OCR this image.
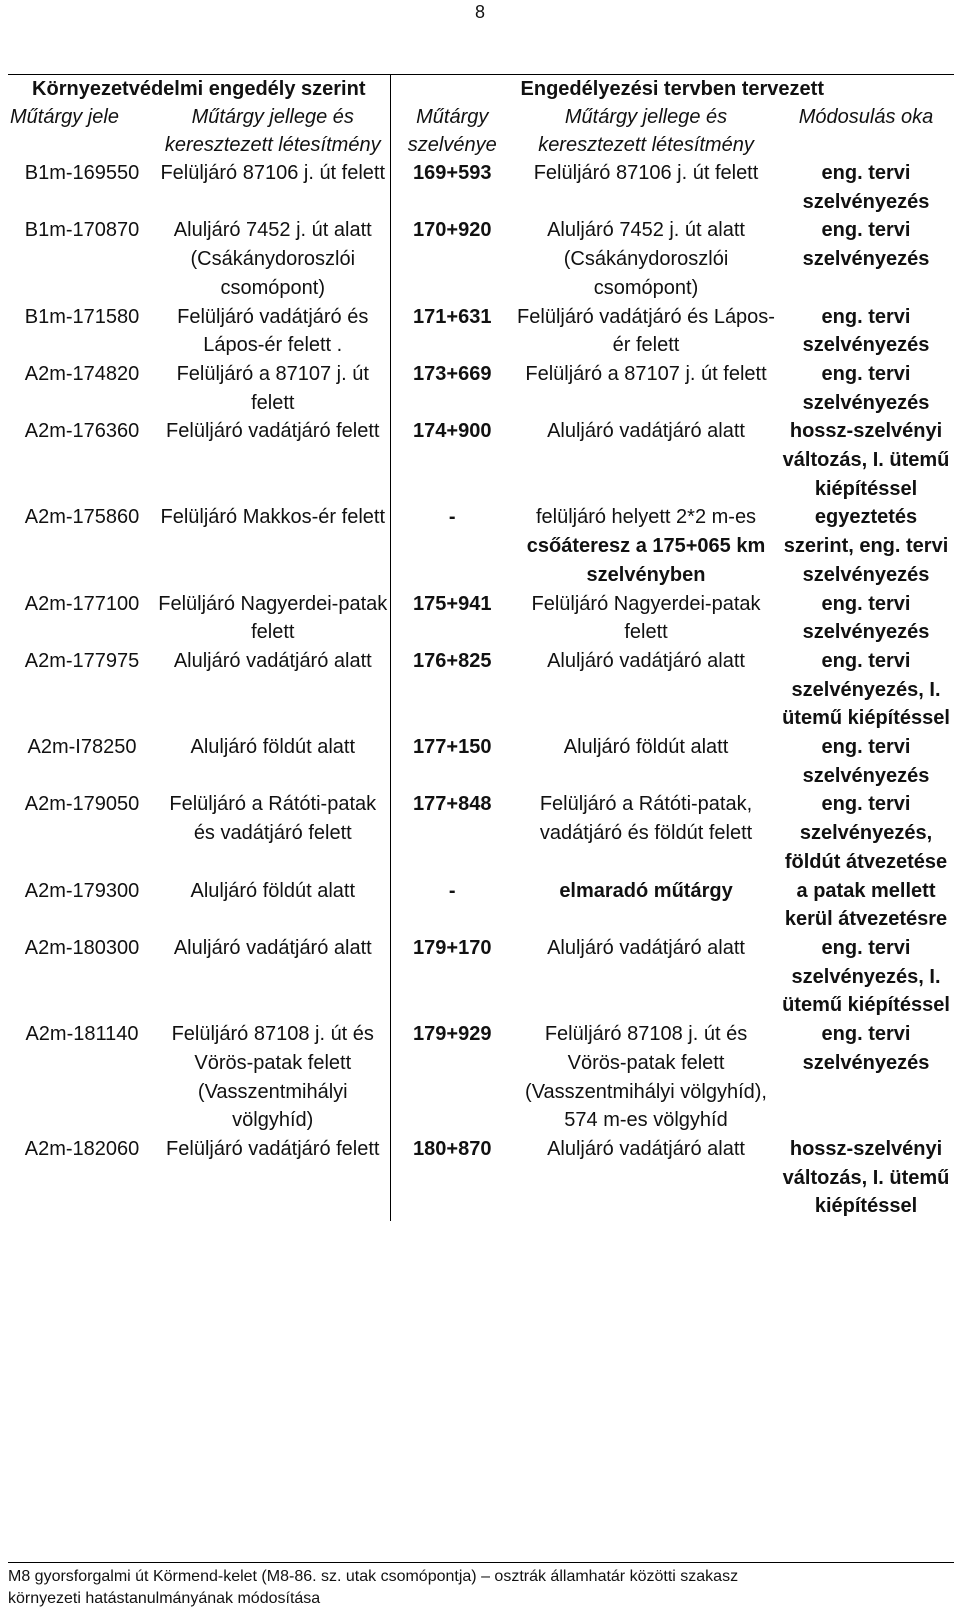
8
Környezetvédelmi engedély szerint		Engedélyezési tervben tervezett		
Műtárgy jele	Műtárgy jellege és keresztezett létesítmény	Műtárgy szelvénye	Műtárgy jellege és keresztezett létesítmény	Módosulás oka
B1m-169550	Felüljáró 87106 j. út felett	169+593	Felüljáró 87106 j. út felett	eng. tervi szelvényezés
B1m-170870	Aluljáró 7452 j. út alatt (Csákánydoroszlói csomópont)	170+920	Aluljáró 7452 j. út alatt (Csákánydoroszlói csomópont)	eng. tervi szelvényezés
B1m-171580	Felüljáró vadátjáró és Lápos-ér felett .	171+631	Felüljáró vadátjáró és Lápos-ér felett	eng. tervi szelvényezés
A2m-174820	Felüljáró a 87107 j. út felett	173+669	Felüljáró a 87107 j. út felett	eng. tervi szelvényezés
A2m-176360	Felüljáró vadátjáró felett	174+900	Aluljáró vadátjáró alatt	hossz-szelvényi változás, I. ütemű kiépítéssel
A2m-175860	Felüljáró Makkos-ér felett	-	felüljáró helyett 2*2 m-es csőáteresz a 175+065 km szelvényben	egyeztetés szerint, eng. tervi szelvényezés
A2m-177100	Felüljáró Nagyerdei-patak felett	175+941	Felüljáró Nagyerdei-patak felett	eng. tervi szelvényezés
A2m-177975	Aluljáró vadátjáró alatt	176+825	Aluljáró vadátjáró alatt	eng. tervi szelvényezés, I. ütemű kiépítéssel
A2m-I78250	Aluljáró földút alatt	177+150	Aluljáró földút alatt	eng. tervi szelvényezés
A2m-179050	Felüljáró a Rátóti-patak és vadátjáró felett	177+848	Felüljáró a Rátóti-patak, vadátjáró és földút felett	eng. tervi szelvényezés, földút átvezetése
A2m-179300	Aluljáró földút alatt	-	elmaradó műtárgy	a patak mellett kerül átvezetésre
A2m-180300	Aluljáró vadátjáró alatt	179+170	Aluljáró vadátjáró alatt	eng. tervi szelvényezés, I. ütemű kiépítéssel
A2m-181140	Felüljáró 87108 j. út és Vörös-patak felett (Vasszentmihályi völgyhíd)	179+929	Felüljáró 87108 j. út és Vörös-patak felett (Vasszentmihályi völgyhíd), 574 m-es völgyhíd	eng. tervi szelvényezés
A2m-182060	Felüljáró vadátjáró felett	180+870	Aluljáró vadátjáró alatt	hossz-szelvényi változás, I. ütemű kiépítéssel
M8 gyorsforgalmi út Körmend-kelet (M8-86. sz. utak csomópontja) – osztrák államhatár közötti szakasz
környezeti hatástanulmányának módosítása
